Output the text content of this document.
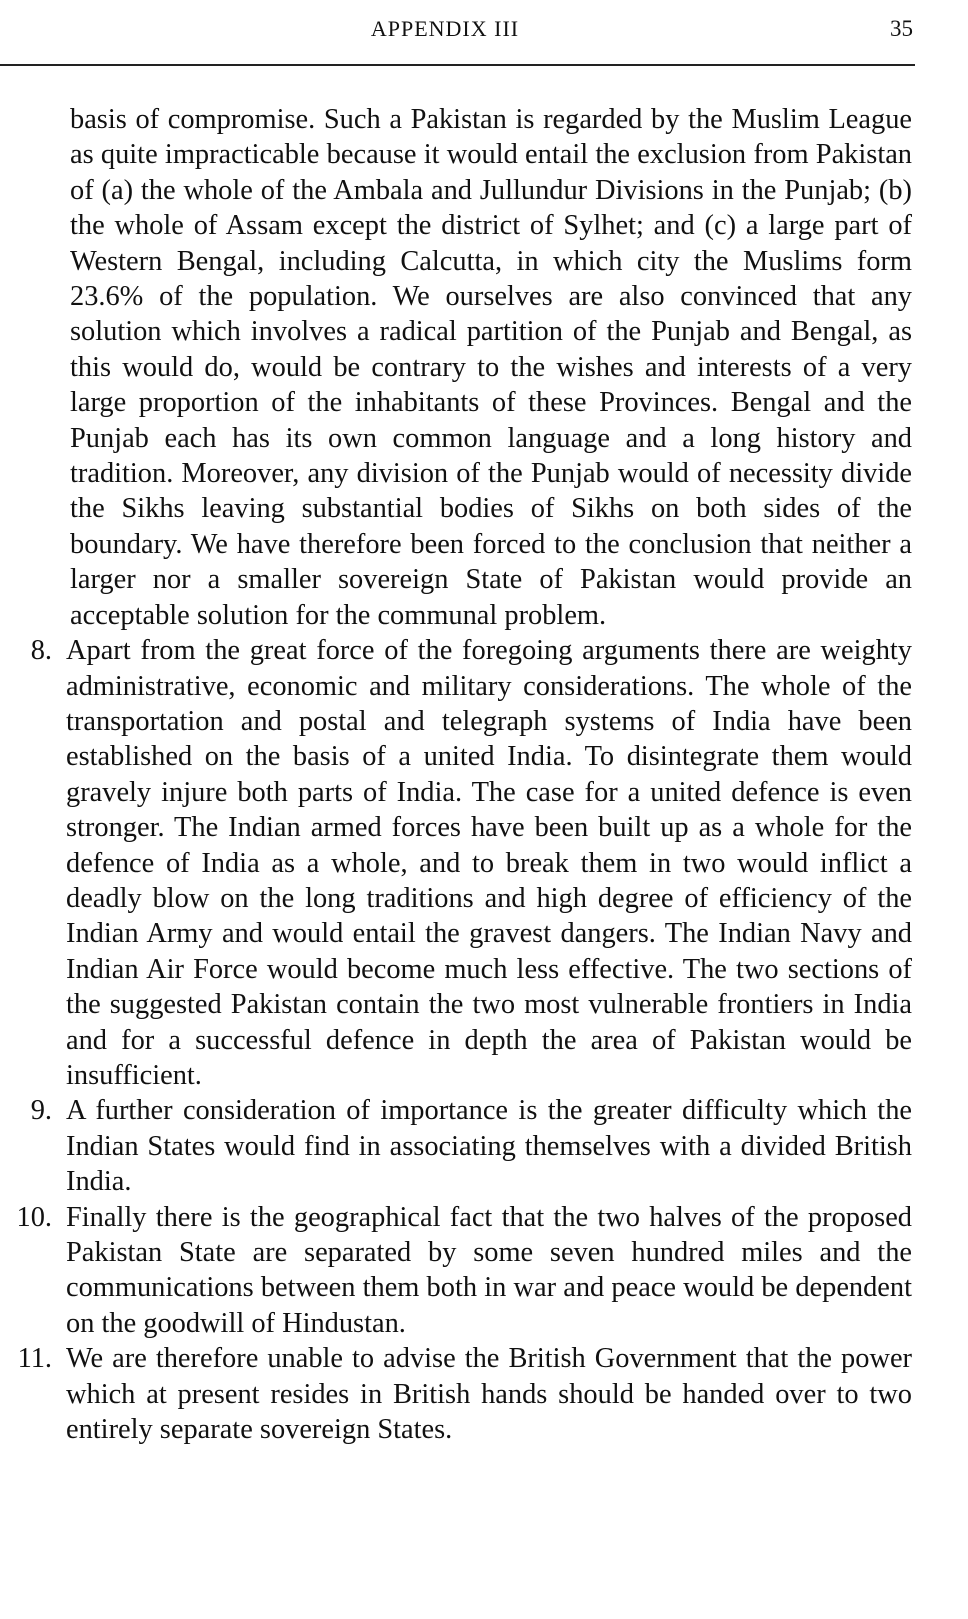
APPENDIX III	35
basis of compromise. Such a Pakistan is regarded by the Muslim League as quite impracticable because it would entail the exclusion from Pakistan of (a) the whole of the Ambala and Jullundur Divisions in the Punjab; (b) the whole of Assam except the district of Sylhet; and (c) a large part of Western Bengal, including Calcutta, in which city the Muslims form 23.6% of the population. We ourselves are also convinced that any solution which involves a radical partition of the Punjab and Bengal, as this would do, would be contrary to the wishes and interests of a very large proportion of the inhabitants of these Provinces. Bengal and the Punjab each has its own common language and a long history and tradition. Moreover, any division of the Punjab would of necessity divide the Sikhs leaving substantial bodies of Sikhs on both sides of the boundary. We have therefore been forced to the conclusion that neither a larger nor a smaller sovereign State of Pakistan would provide an acceptable solution for the communal problem.
8. Apart from the great force of the foregoing arguments there are weighty administrative, economic and military considerations. The whole of the transportation and postal and telegraph systems of India have been established on the basis of a united India. To disintegrate them would gravely injure both parts of India. The case for a united defence is even stronger. The Indian armed forces have been built up as a whole for the defence of India as a whole, and to break them in two would inflict a deadly blow on the long traditions and high degree of efficiency of the Indian Army and would entail the gravest dangers. The Indian Navy and Indian Air Force would become much less effective. The two sections of the suggested Pakistan contain the two most vulnerable frontiers in India and for a successful defence in depth the area of Pakistan would be insufficient.
9. A further consideration of importance is the greater difficulty which the Indian States would find in associating themselves with a divided British India.
10. Finally there is the geographical fact that the two halves of the proposed Pakistan State are separated by some seven hundred miles and the communications between them both in war and peace would be dependent on the goodwill of Hindustan.
11. We are therefore unable to advise the British Government that the power which at present resides in British hands should be handed over to two entirely separate sovereign States.
